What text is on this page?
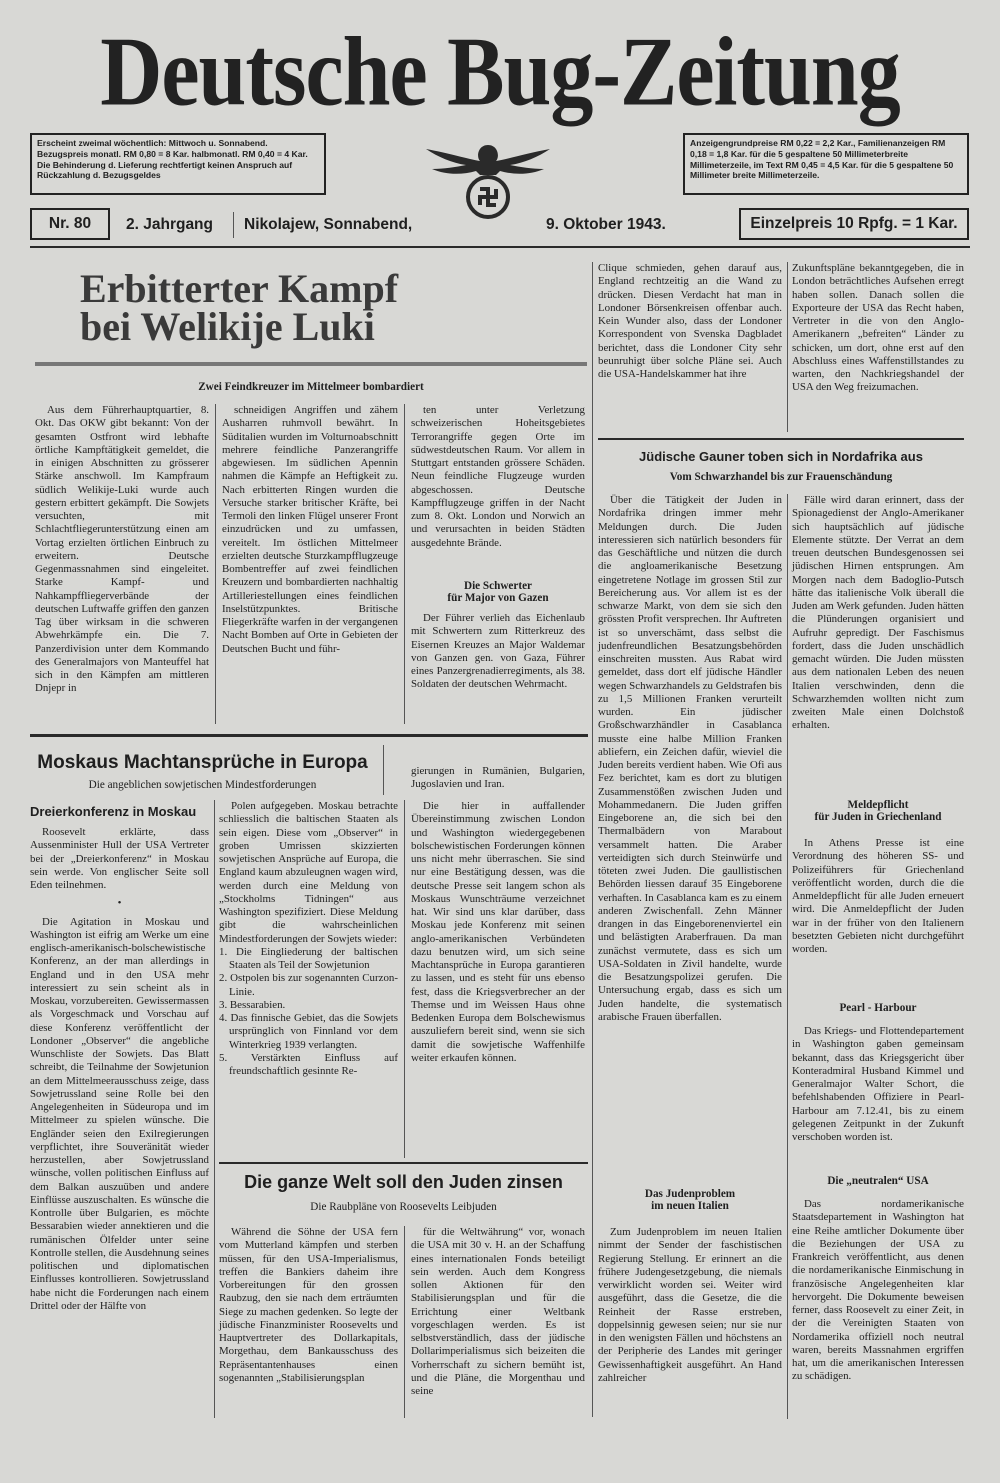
Deutsche Bug-Zeitung
Erscheint zweimal wöchentlich: Mittwoch u. Sonnabend. Bezugspreis monatl. RM 0,80 = 8 Kar. halbmonatl. RM 0,40 = 4 Kar. Die Behinderung d. Lieferung rechtfertigt keinen Anspruch auf Rückzahlung d. Bezugsgeldes
Anzeigengrundpreise RM 0,22 = 2,2 Kar., Familienanzeigen RM 0,18 = 1,8 Kar. für die 5 gespaltene 50 Millimeterbreite Millimeterzeile, im Text RM 0,45 = 4,5 Kar. für die 5 gespaltene 50 Millimeter breite Millimeterzeile.
Nr. 80	2. Jahrgang Nikolajew, Sonnabend,	9. Oktober 1943.	Einzelpreis 10 Rpfg. = 1 Kar.
Erbitterter Kampf
bei Welikije Luki
Zwei Feindkreuzer im Mittelmeer bombardiert

Aus dem Führerhauptquartier, 8. Okt. Das OKW gibt bekannt: Von der gesamten Ostfront wird lebhafte örtliche Kampftätigkeit gemeldet, die in einigen Abschnitten zu grösserer Stärke anschwoll. Im Kampfraum südlich Welikije-Luki wurde auch gestern erbittert gekämpft. Die Sowjets versuchten, mit Schlachtfliegerunterstützung einen am Vortag erzielten örtlichen Einbruch zu erweitern. Deutsche Gegenmassnahmen sind eingeleitet. Starke Kampf- und Nahkampffliegerverbände der deutschen Luftwaffe griffen den ganzen Tag über wirksam in die schweren Abwehrkämpfe ein. Die 7. Panzerdivision unter dem Kommando des Generalmajors von Manteuffel hat sich in den Kämpfen am mittleren Dnjepr in

schneidigen Angriffen und zähem Ausharren ruhmvoll bewährt. In Süditalien wurden im Volturnoabschnitt mehrere feindliche Panzerangriffe abgewiesen. Im südlichen Apennin nahmen die Kämpfe an Heftigkeit zu. Nach erbitterten Ringen wurden die Versuche starker britischer Kräfte, bei Termoli den linken Flügel unserer Front einzudrücken und zu umfassen, vereitelt. Im östlichen Mittelmeer erzielten deutsche Sturzkampfflugzeuge Bombentreffer auf zwei feindlichen Kreuzern und bombardierten nachhaltig Artilleriestellungen eines feindlichen Inselstützpunktes. Britische Fliegerkräfte warfen in der vergangenen Nacht Bomben auf Orte in Gebieten der Deutschen Bucht und führ-

ten unter Verletzung schweizerischen Hoheitsgebietes Terrorangriffe gegen Orte im südwestdeutschen Raum. Vor allem in Stuttgart entstanden grössere Schäden. Neun feindliche Flugzeuge wurden abgeschossen. Deutsche Kampfflugzeuge griffen in der Nacht zum 8. Okt. London und Norwich an und verursachten in beiden Städten ausgedehnte Brände.

Die Schwerter
für Major von Gazen

Der Führer verlieh das Eichenlaub mit Schwertern zum Ritterkreuz des Eisernen Kreuzes an Major Waldemar von Ganzen gen. von Gaza, Führer eines Panzergrenadierregiments, als 38. Soldaten der deutschen Wehrmacht.

Clique schmieden, gehen darauf aus, England rechtzeitig an die Wand zu drücken. Diesen Verdacht hat man in Londoner Börsenkreisen offenbar auch. Kein Wunder also, dass der Londoner Korrespondent von Svenska Dagbladet berichtet, dass die Londoner City sehr beunruhigt über solche Pläne sei. Auch die USA-Handelskammer hat ihre

Zukunftspläne bekanntgegeben, die in London beträchtliches Aufsehen erregt haben sollen. Danach sollen die Exporteure der USA das Recht haben, Vertreter in die von den Anglo-Amerikanern „befreiten“ Länder zu schicken, um dort, ohne erst auf den Abschluss eines Waffenstillstandes zu warten, den Nachkriegshandel der USA den Weg freizumachen.

Jüdische Gauner toben sich in Nordafrika aus
Vom Schwarzhandel bis zur Frauenschändung

Über die Tätigkeit der Juden in Nordafrika dringen immer mehr Meldungen durch. Die Juden interessieren sich natürlich besonders für das Geschäftliche und nützen die durch die angloamerikanische Besetzung eingetretene Notlage im grossen Stil zur Bereicherung aus. Vor allem ist es der schwarze Markt, von dem sie sich den grössten Profit versprechen. Ihr Auftreten ist so unverschämt, dass selbst die judenfreundlichen Besatzungsbehörden einschreiten mussten. Aus Rabat wird gemeldet, dass dort elf jüdische Händler wegen Schwarzhandels zu Geldstrafen bis zu 1,5 Millionen Franken verurteilt wurden. Ein jüdischer Großschwarzhändler in Casablanca musste eine halbe Million Franken abliefern, ein Zeichen dafür, wieviel die Juden bereits verdient haben. Wie Ofi aus Fez berichtet, kam es dort zu blutigen Zusammenstößen zwischen Juden und Mohammedanern. Die Juden griffen Eingeborene an, die sich bei den Thermalbädern von Marabout versammelt hatten. Die Araber verteidigten sich durch Steinwürfe und töteten zwei Juden. Die gaullistischen Behörden liessen darauf 35 Eingeborene verhaften. In Casablanca kam es zu einem anderen Zwischenfall. Zehn Männer drangen in das Eingeborenenviertel ein und belästigten Araberfrauen. Da man zunächst vermutete, dass es sich um USA-Soldaten in Zivil handelte, wurde die Besatzungspolizei gerufen. Die Untersuchung ergab, dass es sich um Juden handelte, die systematisch arabische Frauen überfallen.

Fälle wird daran erinnert, dass der Spionagedienst der Anglo-Amerikaner sich hauptsächlich auf jüdische Elemente stützte. Der Verrat an dem treuen deutschen Bundesgenossen sei jüdischen Hirnen entsprungen. Am Morgen nach dem Badoglio-Putsch hätte das italienische Volk überall die Juden am Werk gefunden. Juden hätten die Plünderungen organisiert und Aufruhr gepredigt. Der Faschismus fordert, dass die Juden unschädlich gemacht würden. Die Juden müssten aus dem nationalen Leben des neuen Italien verschwinden, denn die Schwarzhemden wollten nicht zum zweiten Male einen Dolchstoß erhalten.

Meldepflicht
für Juden in Griechenland

In Athens Presse ist eine Verordnung des höheren SS- und Polizeiführers für Griechenland veröffentlicht worden, durch die die Anmeldepflicht für alle Juden erneuert wird. Die Anmeldepflicht der Juden war in der früher von den Italienern besetzten Gebieten nicht durchgeführt worden.

Pearl - Harbour

Das Kriegs- und Flottendepartement in Washington gaben gemeinsam bekannt, dass das Kriegsgericht über Konteradmiral Husband Kimmel und Generalmajor Walter Schort, die befehlshabenden Offiziere in Pearl-Harbour am 7.12.41, bis zu einem gelegenen Zeitpunkt in der Zukunft verschoben worden ist.

Die „neutralen“ USA

Das nordamerikanische Staatsdepartement in Washington hat eine Reihe amtlicher Dokumente über die Beziehungen der USA zu Frankreich veröffentlicht, aus denen die nordamerikanische Einmischung in französische Angelegenheiten klar hervorgeht. Die Dokumente beweisen ferner, dass Roosevelt zu einer Zeit, in der die Vereinigten Staaten von Nordamerika offiziell noch neutral waren, bereits Massnahmen ergriffen hat, um die amerikanischen Interessen zu schädigen.

Das Judenproblem
im neuen Italien

Zum Judenproblem im neuen Italien nimmt der Sender der faschistischen Regierung Stellung. Er erinnert an die frühere Judengesetzgebung, die niemals verwirklicht worden sei. Weiter wird ausgeführt, dass die Gesetze, die die Reinheit der Rasse erstreben, doppelsinnig gewesen seien; nur sie nur in den wenigsten Fällen und höchstens an der Peripherie des Landes mit geringer Gewissenhaftigkeit ausgeführt. An Hand zahlreicher

Moskaus Machtansprüche in Europa
Die angeblichen sowjetischen Mindestforderungen

gierungen in Rumänien, Bulgarien, Jugoslavien und Iran.

Dreierkonferenz in Moskau

Roosevelt erklärte, dass Aussenminister Hull der USA Vertreter bei der „Dreierkonferenz“ in Moskau sein werde. Von englischer Seite soll Eden teilnehmen.

•

Die Agitation in Moskau und Washington ist eifrig am Werke um eine englisch-amerikanisch-bolschewistische Konferenz, an der man allerdings in England und in den USA mehr interessiert zu sein scheint als in Moskau, vorzubereiten. Gewissermassen als Vorgeschmack und Vorschau auf diese Konferenz veröffentlicht der Londoner „Observer“ die angebliche Wunschliste der Sowjets. Das Blatt schreibt, die Teilnahme der Sowjetunion an dem Mittelmeerausschuss zeige, dass Sowjetrussland seine Rolle bei den Angelegenheiten in Südeuropa und im Mittelmeer zu spielen wünsche. Die Engländer seien den Exilregierungen verpflichtet, ihre Souveränität wieder herzustellen, aber Sowjetrussland wünsche, vollen politischen Einfluss auf dem Balkan auszuüben und andere Einflüsse auszuschalten. Es wünsche die Kontrolle über Bulgarien, es möchte Bessarabien wieder annektieren und die rumänischen Ölfelder unter seine Kontrolle stellen, die Ausdehnung seines politischen und diplomatischen Einflusses kontrollieren. Sowjetrussland habe nicht die Forderungen nach einem Drittel oder der Hälfte von

Polen aufgegeben. Moskau betrachte schliesslich die baltischen Staaten als sein eigen. Diese vom „Observer“ in groben Umrissen skizzierten sowjetischen Ansprüche auf Europa, die England kaum abzuleugnen wagen wird, werden durch eine Meldung von „Stockholms Tidningen“ aus Washington spezifiziert. Diese Meldung gibt die wahrscheinlichen Mindestforderungen der Sowjets wieder:

1. Die Eingliederung der baltischen Staaten als Teil der Sowjetunion
2. Ostpolen bis zur sogenannten Curzon-Linie.
3. Bessarabien.
4. Das finnische Gebiet, das die Sowjets ursprünglich von Finnland vor dem Winterkrieg 1939 verlangten.
5. Verstärkten Einfluss auf freundschaftlich gesinnte Re-

Die hier in auffallender Übereinstimmung zwischen London und Washington wiedergegebenen bolschewistischen Forderungen können uns nicht mehr überraschen. Sie sind nur eine Bestätigung dessen, was die deutsche Presse seit langem schon als Moskaus Wunschträume verzeichnet hat. Wir sind uns klar darüber, dass Moskau jede Konferenz mit seinen anglo-amerikanischen Verbündeten dazu benutzen wird, um sich seine Machtansprüche in Europa garantieren zu lassen, und es steht für uns ebenso fest, dass die Kriegsverbrecher an der Themse und im Weissen Haus ohne Bedenken Europa dem Bolschewismus auszuliefern bereit sind, wenn sie sich damit die sowjetische Waffenhilfe weiter erkaufen können.

Die ganze Welt soll den Juden zinsen
Die Raubpläne von Roosevelts Leibjuden

Während die Söhne der USA fern vom Mutterland kämpfen und sterben müssen, für den USA-Imperialismus, treffen die Bankiers daheim ihre Vorbereitungen für den grossen Raubzug, den sie nach dem erträumten Siege zu machen gedenken. So legte der jüdische Finanzminister Roosevelts und Hauptvertreter des Dollarkapitals, Morgethau, dem Bankausschuss des Repräsentantenhauses einen sogenannten „Stabilisierungsplan

für die Weltwährung“ vor, wonach die USA mit 30 v. H. an der Schaffung eines internationalen Fonds beteiligt sein werden. Auch dem Kongress sollen Aktionen für den Stabilisierungsplan und für die Errichtung einer Weltbank vorgeschlagen werden. Es ist selbstverständlich, dass der jüdische Dollarimperialismus sich beizeiten die Vorherrschaft zu sichern bemüht ist, und die Pläne, die Morgenthau und seine
